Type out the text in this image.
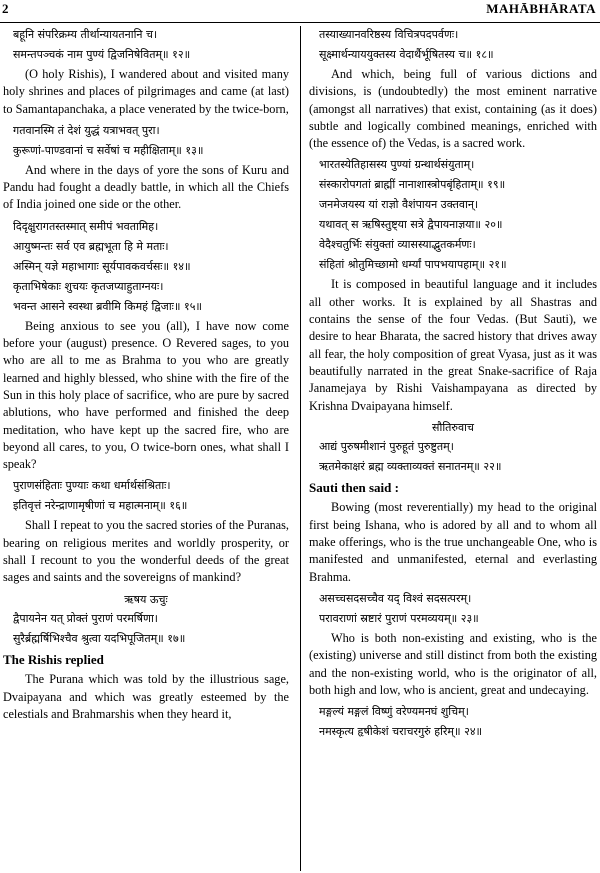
2	MAHĀBHĀRATA
बहूनि संपरिक्रम्य तीर्थान्यायतनानि च।
समन्तपञ्चकं नाम पुण्यं द्विजनिषेवितम्॥ १२॥
(O holy Rishis), I wandered about and visited many holy shrines and places of pilgrimages and came (at last) to Samantapanchaka, a place venerated by the twice-born,
गतवानस्मि तं देशं युद्धं यत्राभवत् पुरा।
कुरूणां-पाण्डवानां च सर्वेषां च महीक्षिताम्॥ १३॥
And where in the days of yore the sons of Kuru and Pandu had fought a deadly battle, in which all the Chiefs of India joined one side or the other.
दिदृक्षुरागतस्तस्मात् समीपं भवतामिह।
आयुष्मन्तः सर्व एव ब्रह्मभूता हि मे मताः।
अस्मिन् यज्ञे महाभागाः सूर्यपावकवर्चसः॥ १४॥
कृताभिषेकाः शुचयः कृतजप्याहुताग्नयः।
भवन्त आसने स्वस्था ब्रवीमि किमहं द्विजाः॥ १५॥
Being anxious to see you (all), I have now come before your (august) presence. O Revered sages, to you who are all to me as Brahma to you who are greatly learned and highly blessed, who shine with the fire of the Sun in this holy place of sacrifice, who are pure by sacred ablutions, who have performed and finished the deep meditation, who have kept up the sacred fire, who are beyond all cares, to you, O twice-born ones, what shall I speak?
पुराणसंहिताः पुण्याः कथा धर्मार्थसंश्रिताः।
इतिवृत्तं नरेन्द्राणामृषीणां च महात्मनाम्॥ १६॥
Shall I repeat to you the sacred stories of the Puranas, bearing on religious merites and worldly prosperity, or shall I recount to you the wonderful deeds of the great sages and saints and the sovereigns of mankind?
ऋषय ऊचुः
द्वैपायनेन यत् प्रोक्तं पुराणं परमर्षिणा।
सुरैर्ब्रह्मर्षिभिश्चैव श्रुत्वा यदभिपूजितम्॥ १७॥
The Rishis replied
The Purana which was told by the illustrious sage, Dvaipayana and which was greatly esteemed by the celestials and Brahmarshis when they heard it,
तस्याख्यानवरिष्ठस्य विचित्रपदपर्वणः।
सूक्ष्मार्थन्याययुक्तस्य वेदार्थैर्भूषितस्य च॥ १८॥
And which, being full of various dictions and divisions, is (undoubtedly) the most eminent narrative (amongst all narratives) that exist, containing (as it does) subtle and logically combined meanings, enriched with (the essence of) the Vedas, is a sacred work.
भारतस्येतिहासस्य पुण्यां ग्रन्थार्थसंयुताम्।
संस्कारोपगतां ब्राह्मीं नानाशास्त्रोपबृंहिताम्॥ १९॥
जनमेजयस्य यां राज्ञो वैशंपायन उक्तवान्।
यथावत् स ऋषिस्तुष्ट्या सत्रे द्वैपायनाज्ञया॥ २०॥
वेदैश्चतुर्भिः संयुक्तां व्यासस्याद्भुतकर्मणः।
संहितां श्रोतुमिच्छामो धर्म्यां पापभयापहाम्॥ २१॥
It is composed in beautiful language and it includes all other works. It is explained by all Shastras and contains the sense of the four Vedas. (But Sauti), we desire to hear Bharata, the sacred history that drives away all fear, the holy composition of great Vyasa, just as it was beautifully narrated in the great Snake-sacrifice of Raja Janamejaya by Rishi Vaishampayana as directed by Krishna Dvaipayana himself.
सौतिरुवाच
आद्यं पुरुषमीशानं पुरुहूतं पुरुष्टुतम्।
ऋतमेकाक्षरं ब्रह्म व्यक्ताव्यक्तं सनातनम्॥ २२॥
Sauti then said :
Bowing (most reverentially) my head to the original first being Ishana, who is adored by all and to whom all make offerings, who is the true unchangeable One, who is manifested and unmanifested, eternal and everlasting Brahma.
असच्चसदसच्चैव यद् विश्वं सदसत्परम्।
परावराणां स्रष्टारं पुराणं परमव्ययम्॥ २३॥
Who is both non-existing and existing, who is the (existing) universe and still distinct from both the existing and the non-existing world, who is the originator of all, both high and low, who is ancient, great and undecaying.
मङ्गल्यं मङ्गलं विष्णुं वरेण्यमनघं शुचिम्।
नमस्कृत्य हृषीकेशं चराचरगुरुं हरिम्॥ २४॥
